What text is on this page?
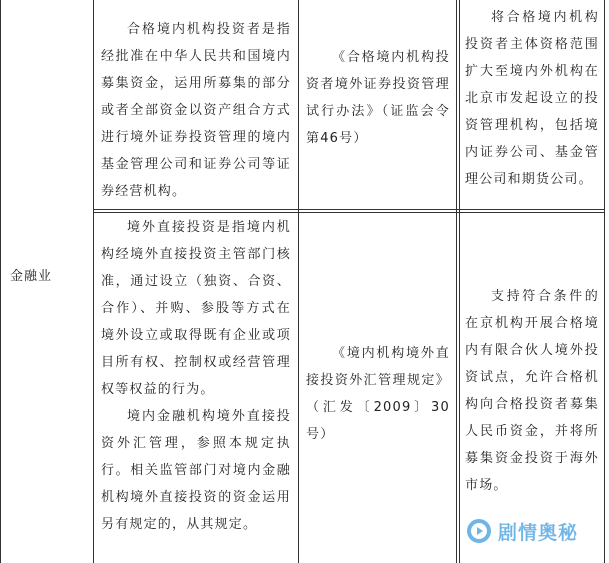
金融业

合格境内机构投资者是指经批准在中华人民共和国境内募集资金，运用所募集的部分或者全部资金以资产组合方式进行境外证券投资管理的境内基金管理公司和证券公司等证券经营机构。

《合格境内机构投资者境外证券投资管理试行办法》（证监会令第46号）

将合格境内机构投资者主体资格范围扩大至境内外机构在北京市发起设立的投资管理机构，包括境内证券公司、基金管理公司和期货公司。

境外直接投资是指境内机构经境外直接投资主管部门核准，通过设立（独资、合资、合作）、并购、参股等方式在境外设立或取得既有企业或项目所有权、控制权或经营管理权等权益的行为。

境内金融机构境外直接投资外汇管理，参照本规定执行。相关监管部门对境内金融机构境外直接投资的资金运用另有规定的，从其规定。

《境内机构境外直接投资外汇管理规定》（汇发〔2009〕30号）

支持符合条件的在京机构开展合格境内有限合伙人境外投资试点，允许合格机构向合格投资者募集人民币资金，并将所募集资金投资于海外市场。

剧情奥秘
